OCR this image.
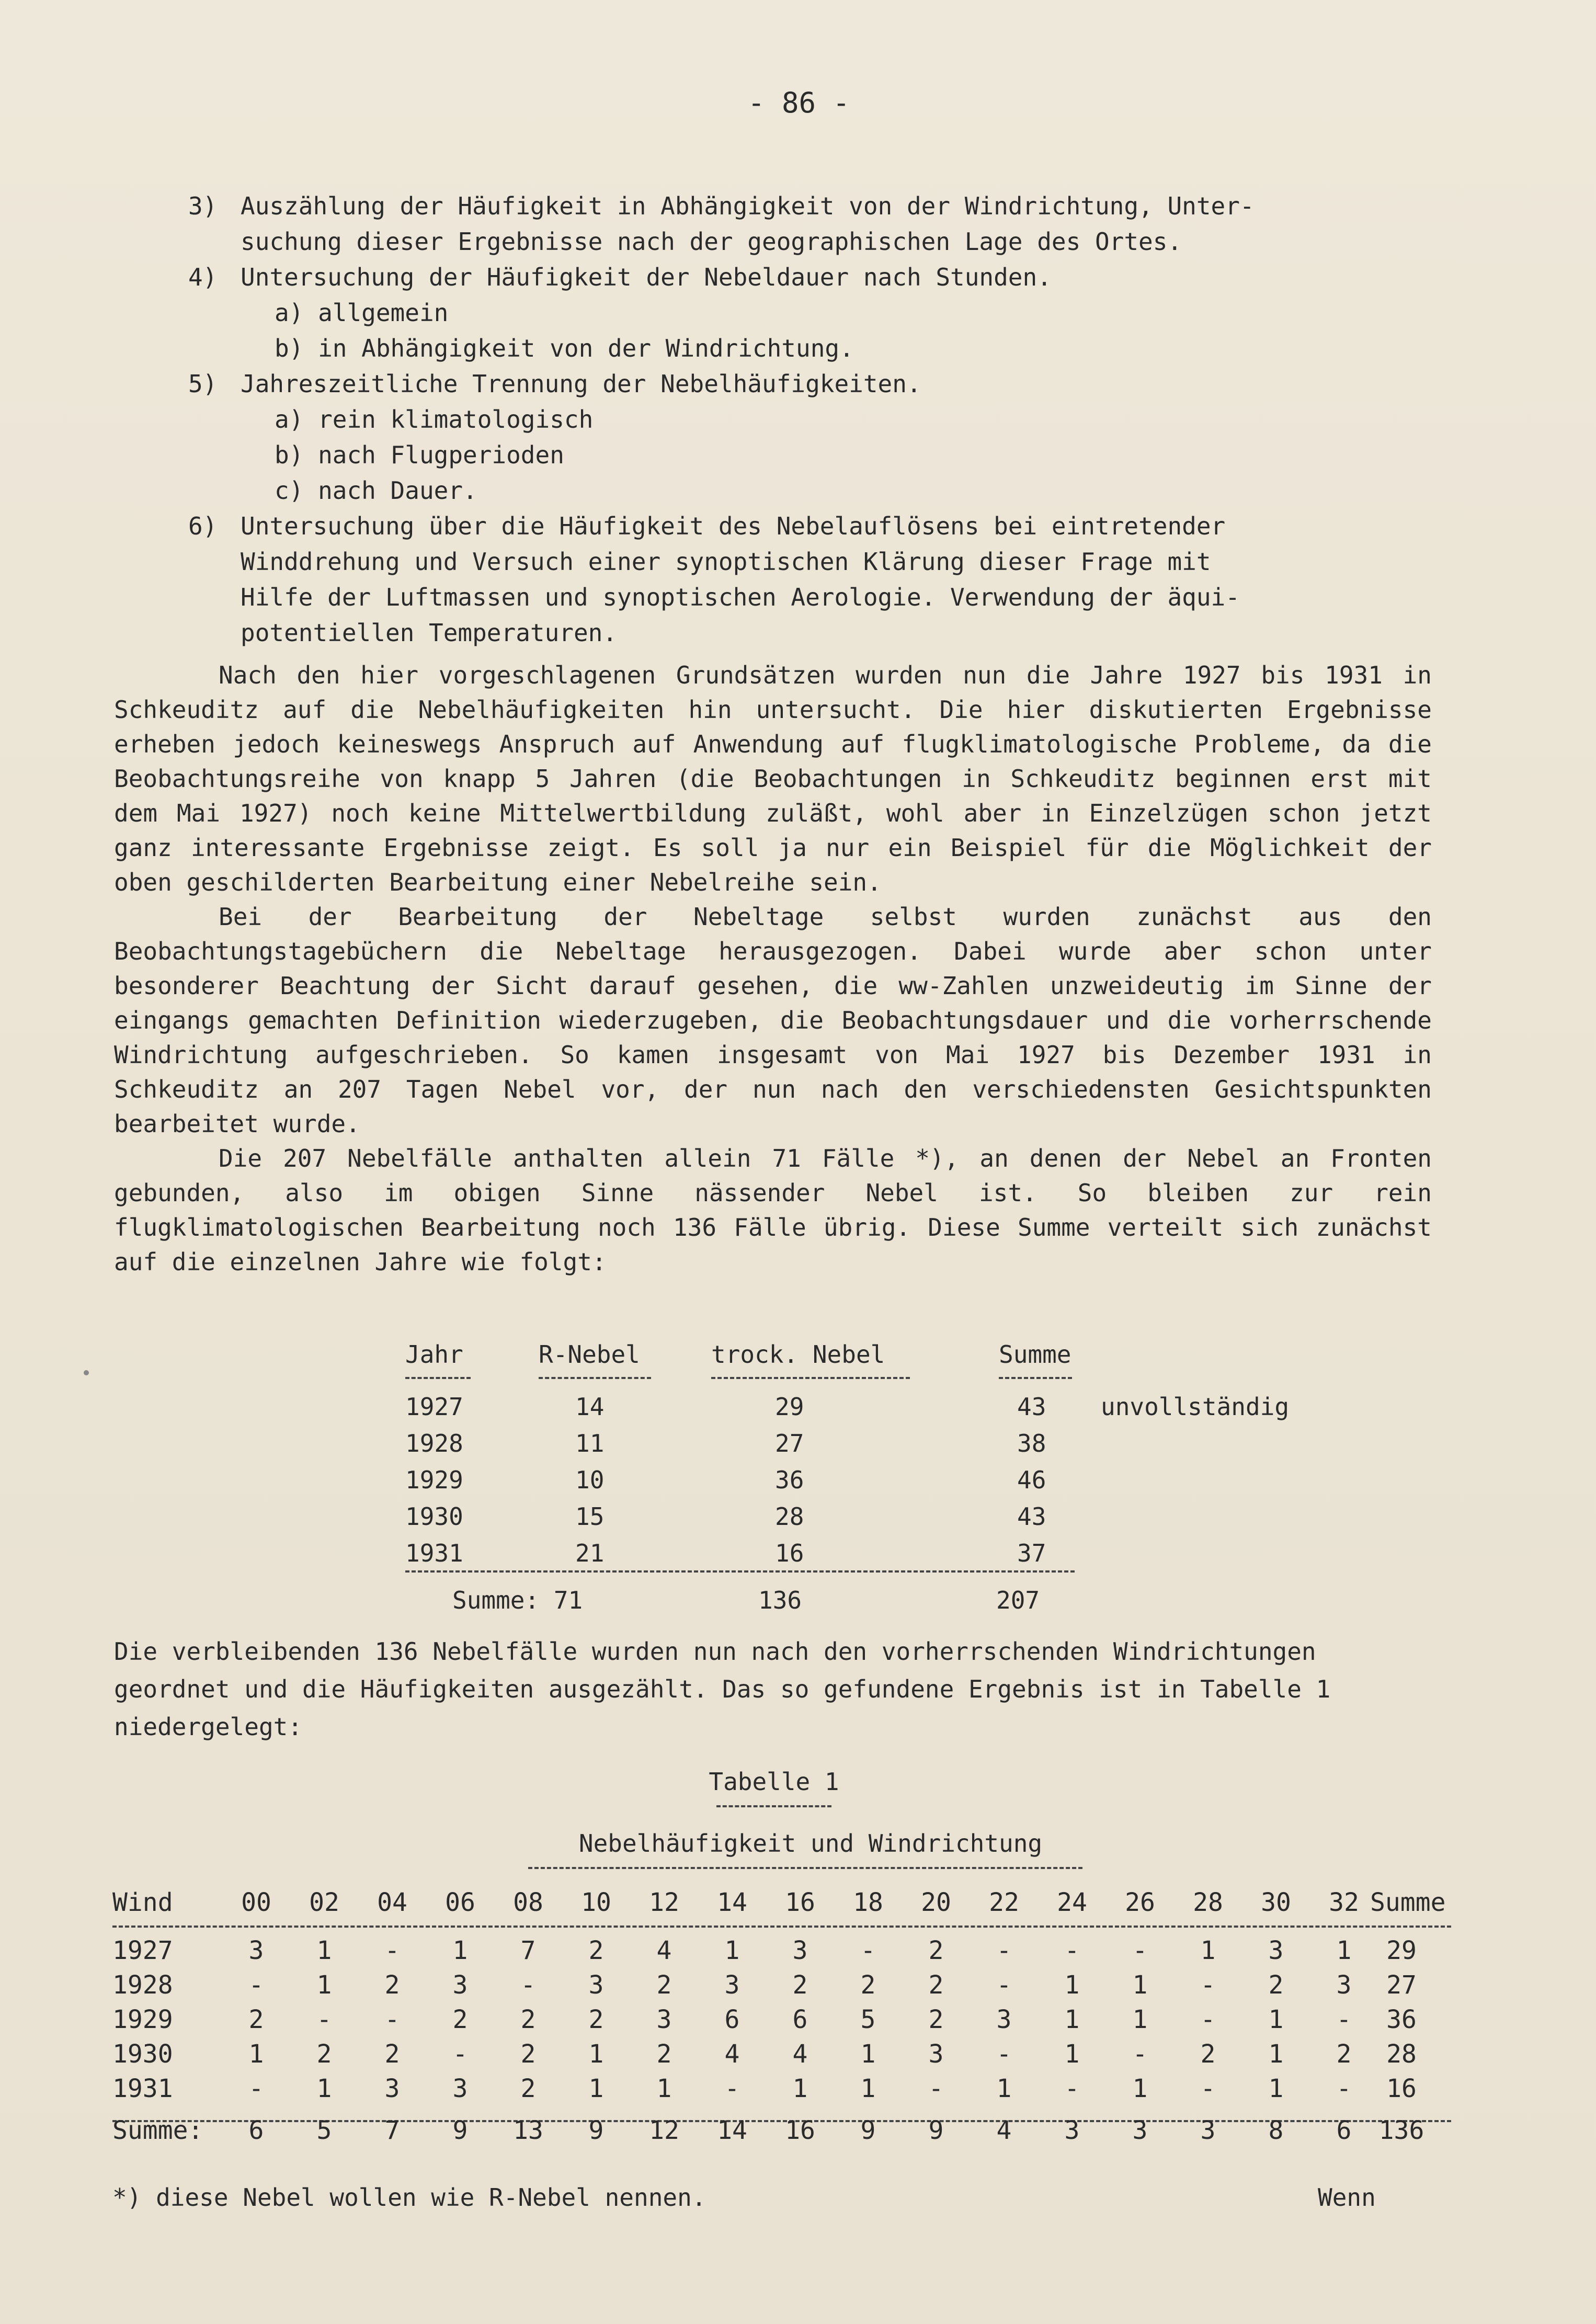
- 86 -
3) Auszählung der Häufigkeit in Abhängigkeit von der Windrichtung, Unter-
suchung dieser Ergebnisse nach der geographischen Lage des Ortes.
4) Untersuchung der Häufigkeit der Nebeldauer nach Stunden.
a) allgemein
b) in Abhängigkeit von der Windrichtung.
5) Jahreszeitliche Trennung der Nebelhäufigkeiten.
a) rein klimatologisch
b) nach Flugperioden
c) nach Dauer.
6) Untersuchung über die Häufigkeit des Nebelauflösens bei eintretender
Winddrehung und Versuch einer synoptischen Klärung dieser Frage mit
Hilfe der Luftmassen und synoptischen Aerologie. Verwendung der äqui-
potentiellen Temperaturen.

Nach den hier vorgeschlagenen Grundsätzen wurden nun die Jahre 1927 bis 1931 in Schkeuditz auf die Nebelhäufigkeiten hin untersucht. Die hier diskutierten Ergebnisse erheben jedoch keineswegs Anspruch auf Anwendung auf flugklimatologische Probleme, da die Beobachtungsreihe von knapp 5 Jahren (die Beobachtungen in Schkeuditz beginnen erst mit dem Mai 1927) noch keine Mittelwertbildung zuläßt, wohl aber in Einzelzügen schon jetzt ganz interessante Ergebnisse zeigt. Es soll ja nur ein Beispiel für die Möglichkeit der oben geschilderten Bearbeitung einer Nebelreihe sein.

Bei der Bearbeitung der Nebeltage selbst wurden zunächst aus den Beobachtungstagebüchern die Nebeltage herausgezogen. Dabei wurde aber schon unter besonderer Beachtung der Sicht darauf gesehen, die ww-Zahlen unzweideutig im Sinne der eingangs gemachten Definition wiederzugeben, die Beobachtungsdauer und die vorherrschende Windrichtung aufgeschrieben. So kamen insgesamt von Mai 1927 bis Dezember 1931 in Schkeuditz an 207 Tagen Nebel vor, der nun nach den verschiedensten Gesichtspunkten bearbeitet wurde.

Die 207 Nebelfälle anthalten allein 71 Fälle *), an denen der Nebel an Fronten gebunden, also im obigen Sinne nässender Nebel ist. So bleiben zur rein flugklimatologischen Bearbeitung noch 136 Fälle übrig. Diese Summe verteilt sich zunächst auf die einzelnen Jahre wie folgt:

Jahr	R-Nebel	trock. Nebel	Summe
1927	14	29	43 unvollständig
1928	11	27	38
1929	10	36	46
1930	15	28	43
1931	21	16	37
Summe: 71	136	207

Die verbleibenden 136 Nebelfälle wurden nun nach den vorherrschenden Windrichtungen geordnet und die Häufigkeiten ausgezählt. Das so gefundene Ergebnis ist in Tabelle 1 niedergelegt:

Tabelle 1
Nebelhäufigkeit und Windrichtung
Wind	00	02	04	06	08	10	12	14	16	18	20	22	24	26	28	30	32 Summe
1927	3	1	-	1	7	2	4	1	3	-	2	-	-	-	1	3	1	29
1928	-	1	2	3	-	3	2	3	2	2	2	-	1	1	-	2	3	27
1929	2	-	-	2	2	2	3	6	6	5	2	3	1	1	-	1	-	36
1930	1	2	2	-	2	1	2	4	4	1	3	-	1	-	2	1	2	28
1931	-	1	3	3	2	1	1	-	1	1	-	1	-	1	-	1	-	16
Summe:	6	5	7	9	13	9	12	14	16	9	9	4	3	3	3	8	6	136
*) diese Nebel wollen wie R-Nebel nennen.	Wenn
